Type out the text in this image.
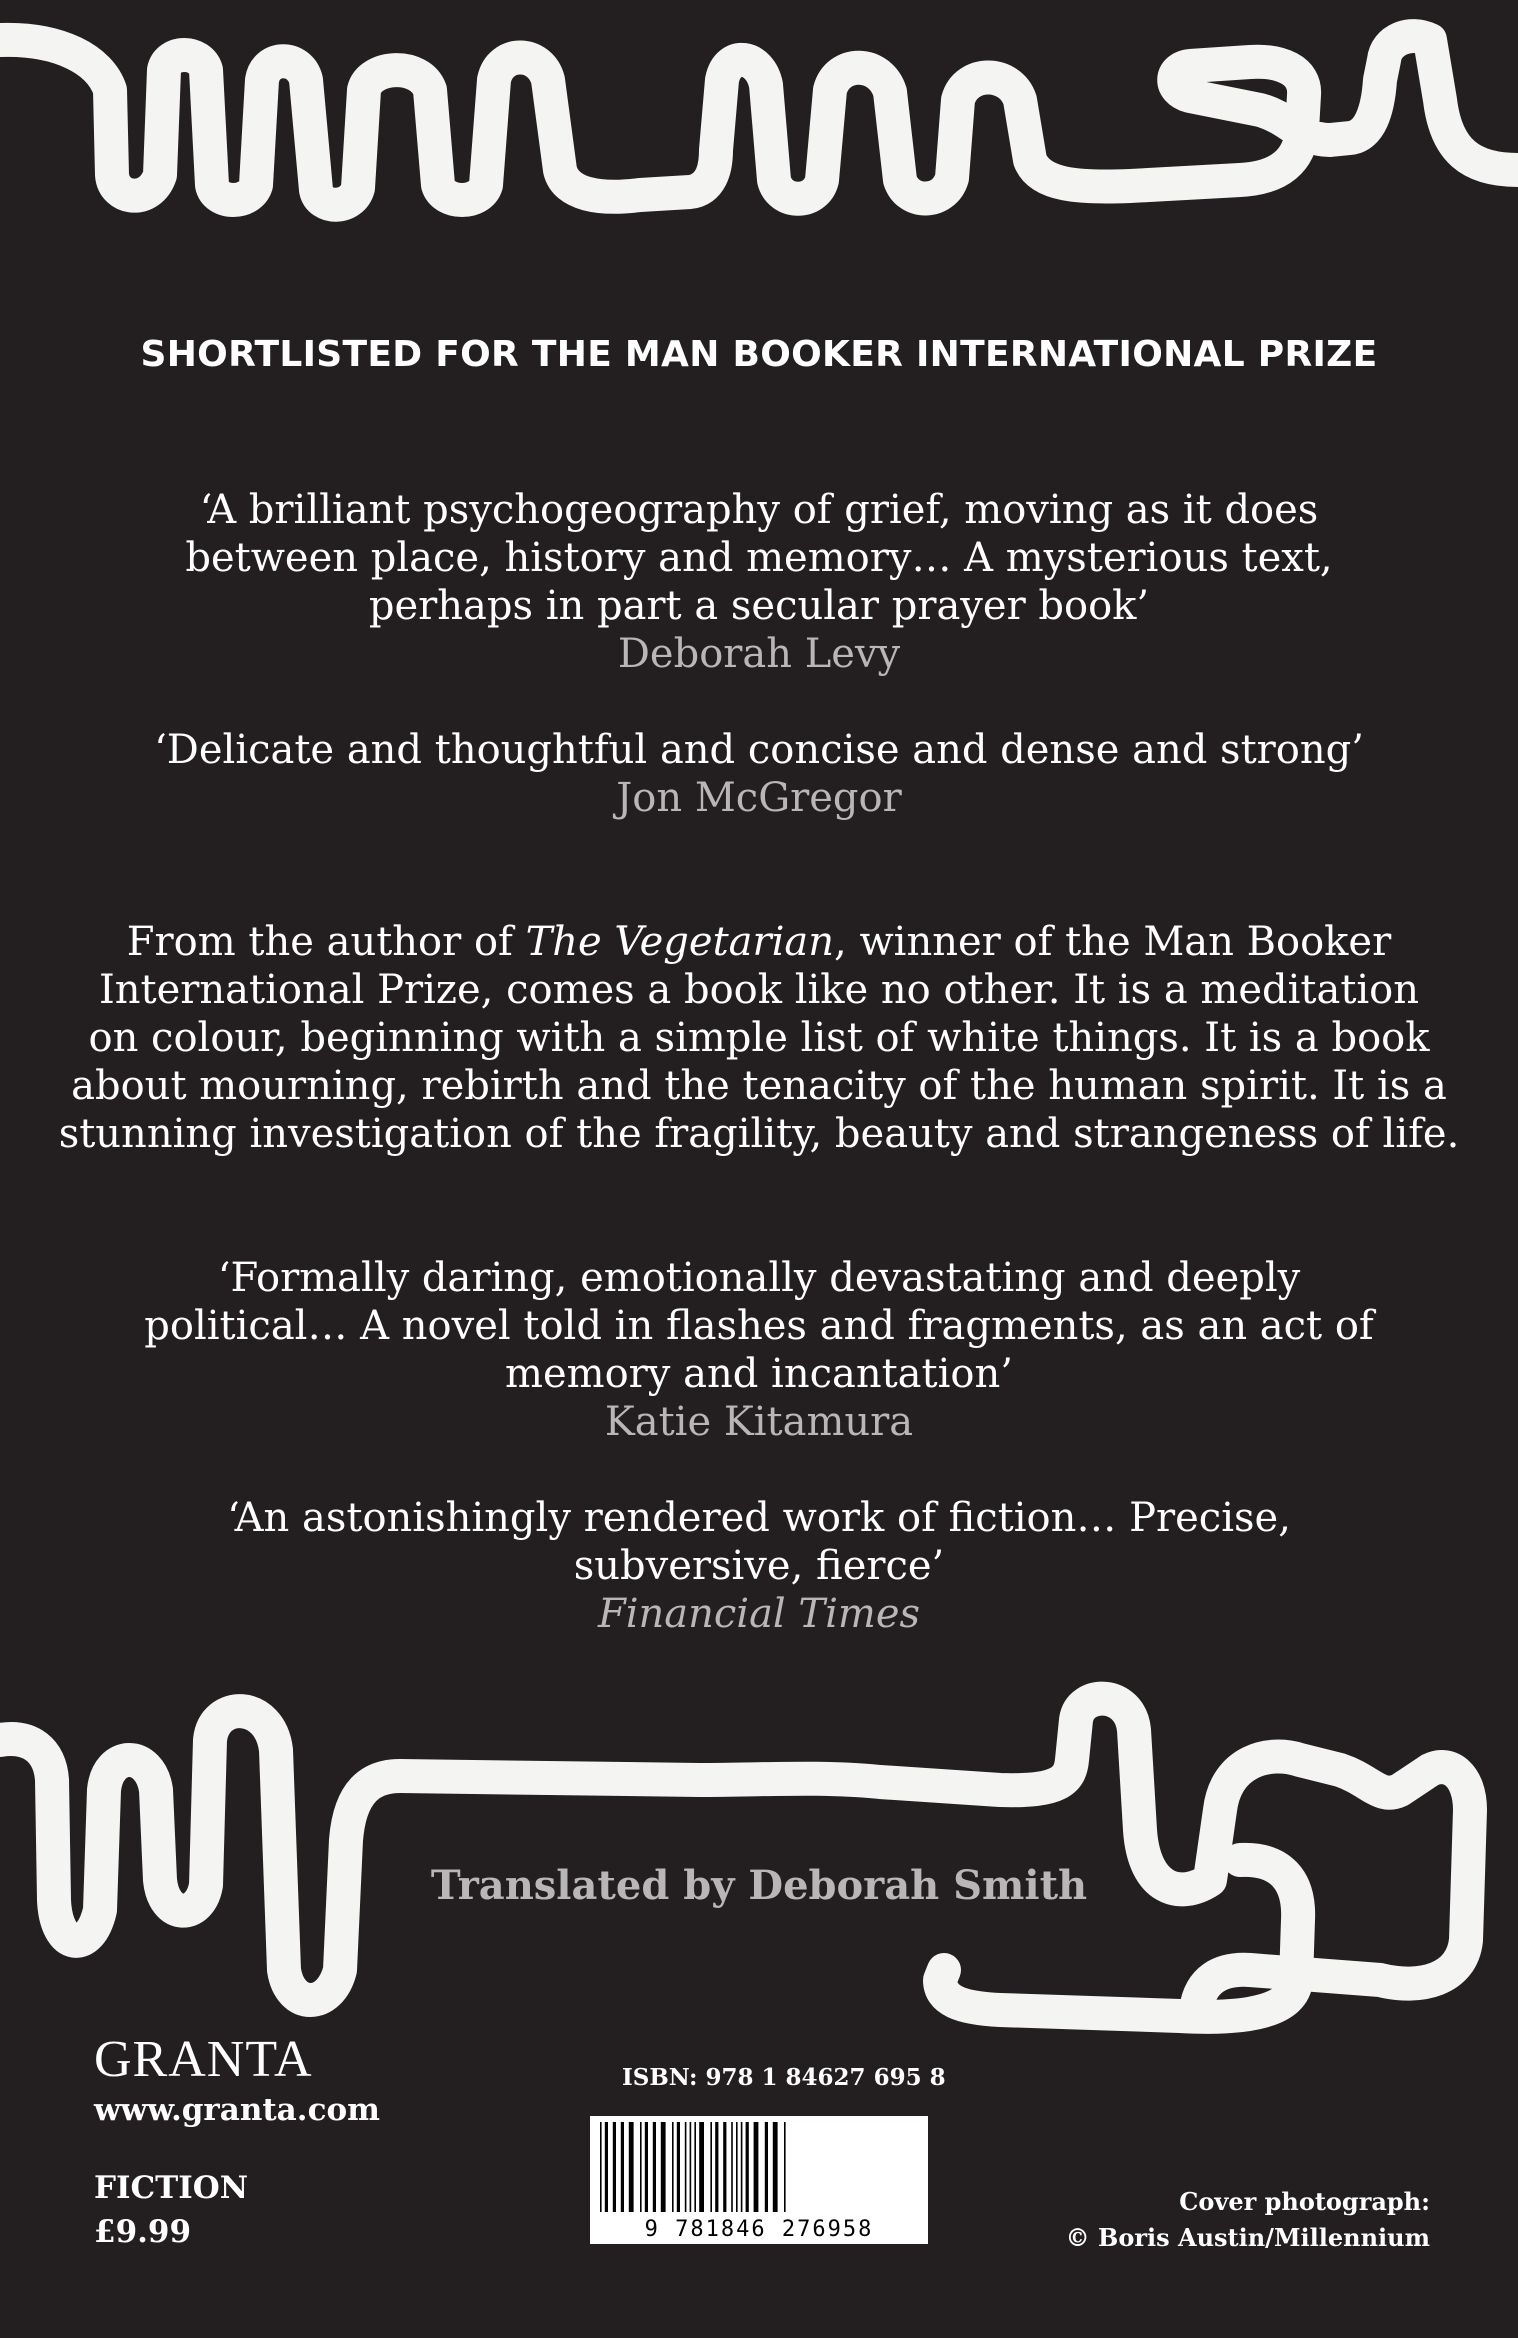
SHORTLISTED FOR THE MAN BOOKER INTERNATIONAL PRIZE
‘A brilliant psychogeography of grief, moving as it does
between place, history and memory… A mysterious text,
perhaps in part a secular prayer book’
Deborah Levy
‘Delicate and thoughtful and concise and dense and strong’
Jon McGregor
From the author of The Vegetarian, winner of the Man Booker
International Prize, comes a book like no other. It is a meditation
on colour, beginning with a simple list of white things. It is a book
about mourning, rebirth and the tenacity of the human spirit. It is a
stunning investigation of the fragility, beauty and strangeness of life.
‘Formally daring, emotionally devastating and deeply
political… A novel told in flashes and fragments, as an act of
memory and incantation’
Katie Kitamura
‘An astonishingly rendered work of fiction… Precise,
subversive, fierce’
Financial Times
Translated by Deborah Smith
GRANTA
www.granta.com
FICTION
£9.99
ISBN: 978 1 84627 695 8
9 781846 276958
Cover photograph:
© Boris Austin/Millennium
